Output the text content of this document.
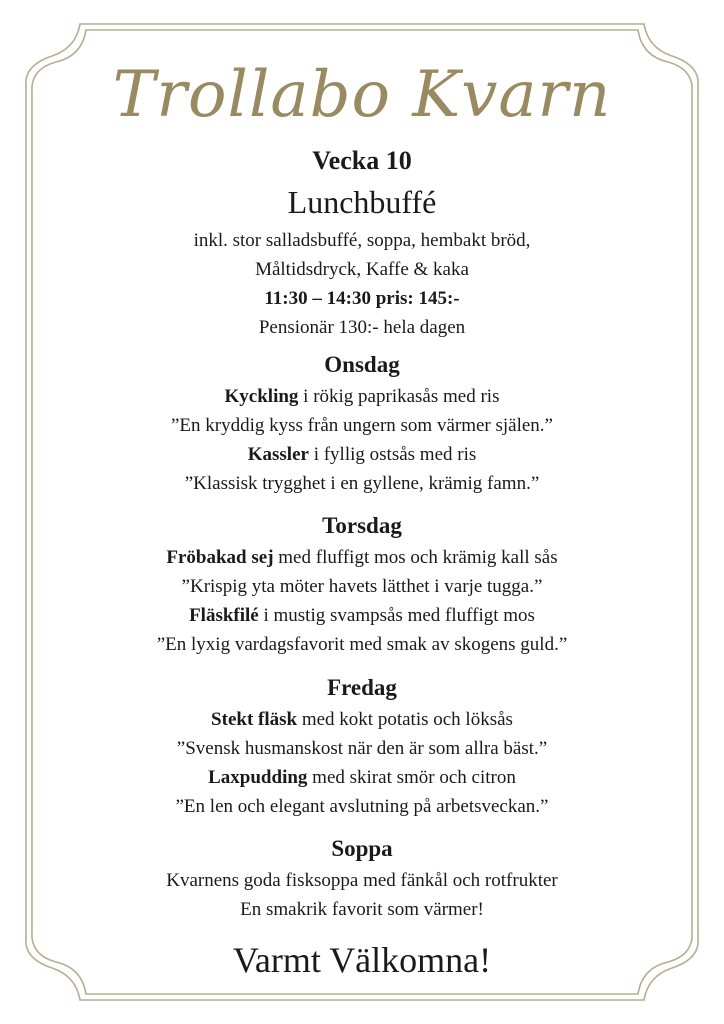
Trollabo Kvarn
Vecka 10
Lunchbuffé
inkl. stor salladsbuffé, soppa, hembakt bröd,
Måltidsdryck, Kaffe & kaka
11:30 – 14:30 pris: 145:-
Pensionär 130:- hela dagen
Onsdag
Kyckling i rökig paprikasås med ris
”En kryddig kyss från ungern som värmer själen.”
Kassler i fyllig ostsås med ris
”Klassisk trygghet i en gyllene, krämig famn.”
Torsdag
Fröbakad sej med fluffigt mos och krämig kall sås
”Krispig yta möter havets lätthet i varje tugga.”
Fläskfilé i mustig svampsås med fluffigt mos
”En lyxig vardagsfavorit med smak av skogens guld.”
Fredag
Stekt fläsk med kokt potatis och löksås
”Svensk husmanskost när den är som allra bäst.”
Laxpudding med skirat smör och citron
”En len och elegant avslutning på arbetsveckan.”
Soppa
Kvarnens goda fisksoppa med fänkål och rotfrukter
En smakrik favorit som värmer!
Varmt Välkomna!
